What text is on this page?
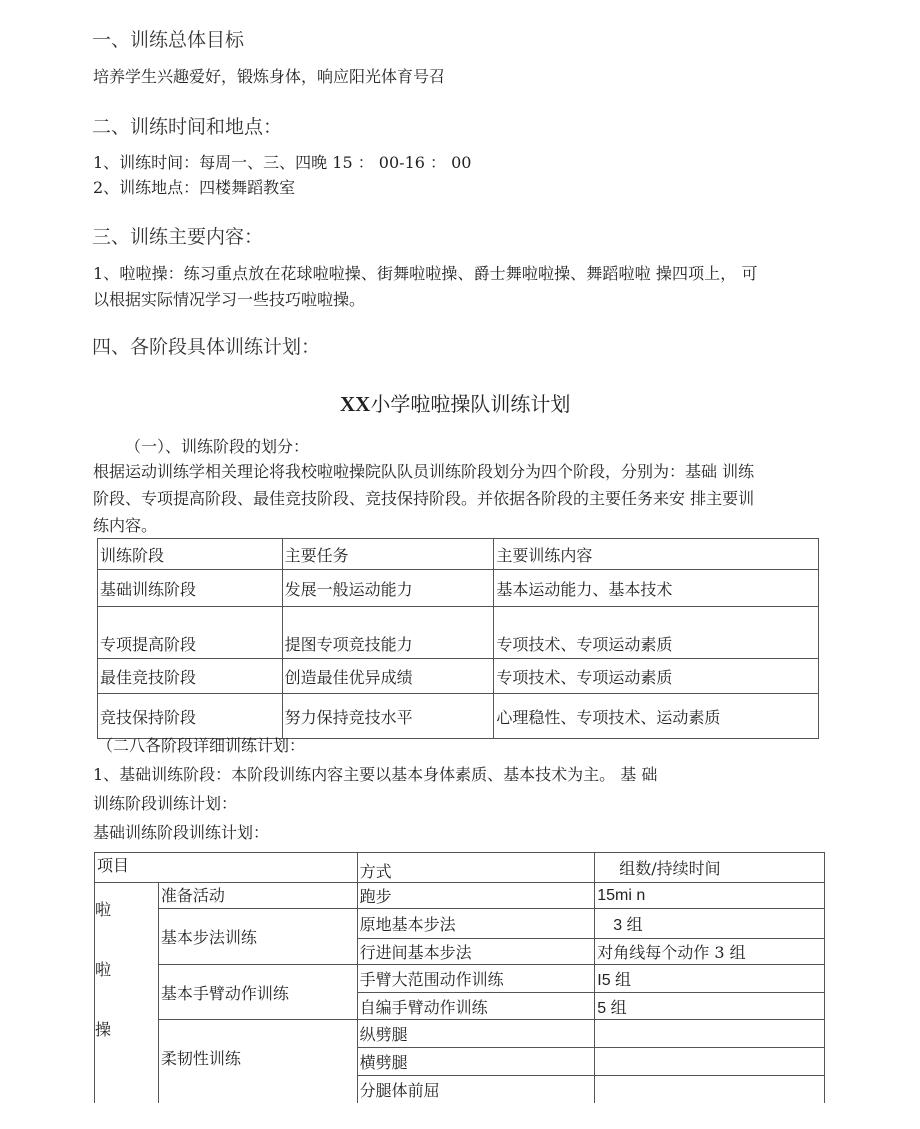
一、训练总体目标

培养学生兴趣爱好，锻炼身体，响应阳光体育号召

二、训练时间和地点：

1、训练时间：每周一、三、四晚 15 ： 00-16 ： 00

2、训练地点：四楼舞蹈教室

三、训练主要内容：

1、啦啦操：练习重点放在花球啦啦操、街舞啦啦操、爵士舞啦啦操、舞蹈啦啦 操四项上， 可

以根据实际情况学习一些技巧啦啦操。

四、各阶段具体训练计划：

XX小学啦啦操队训练计划

（一）、训练阶段的划分：

根据运动训练学相关理论将我校啦啦操院队队员训练阶段划分为四个阶段，分别为：基础 训练

阶段、专项提高阶段、最佳竞技阶段、竞技保持阶段。并依据各阶段的主要任务来安 排主要训

练内容。

训练阶段	主要任务	主要训练内容
基础训练阶段	发展一般运动能力	基本运动能力、基本技术
专项提高阶段	提图专项竞技能力	专项技术、专项运动素质
最佳竞技阶段	创造最佳优异成绩	专项技术、专项运动素质
竞技保持阶段	努力保持竞技水平	心理稳性、专项技术、运动素质

（二八各阶段详细训练计划：

1、基础训练阶段：本阶段训练内容主要以基本身体素质、基本技术为主。 基 础

训练阶段训练计划：

基础训练阶段训练计划：

项目		方式	组数/持续时间

啦
啦
操	准备活动	跑步	15mi n
	基本步法训练	原地基本步法	3 组
		行进间基本步法	对角线每个动作 3 组
	基本手臂动作训练	手臂大范围动作训练	I5 组
		自编手臂动作训练	5 组
	柔韧性训练	纵劈腿	
		横劈腿	
		分腿体前屈	
